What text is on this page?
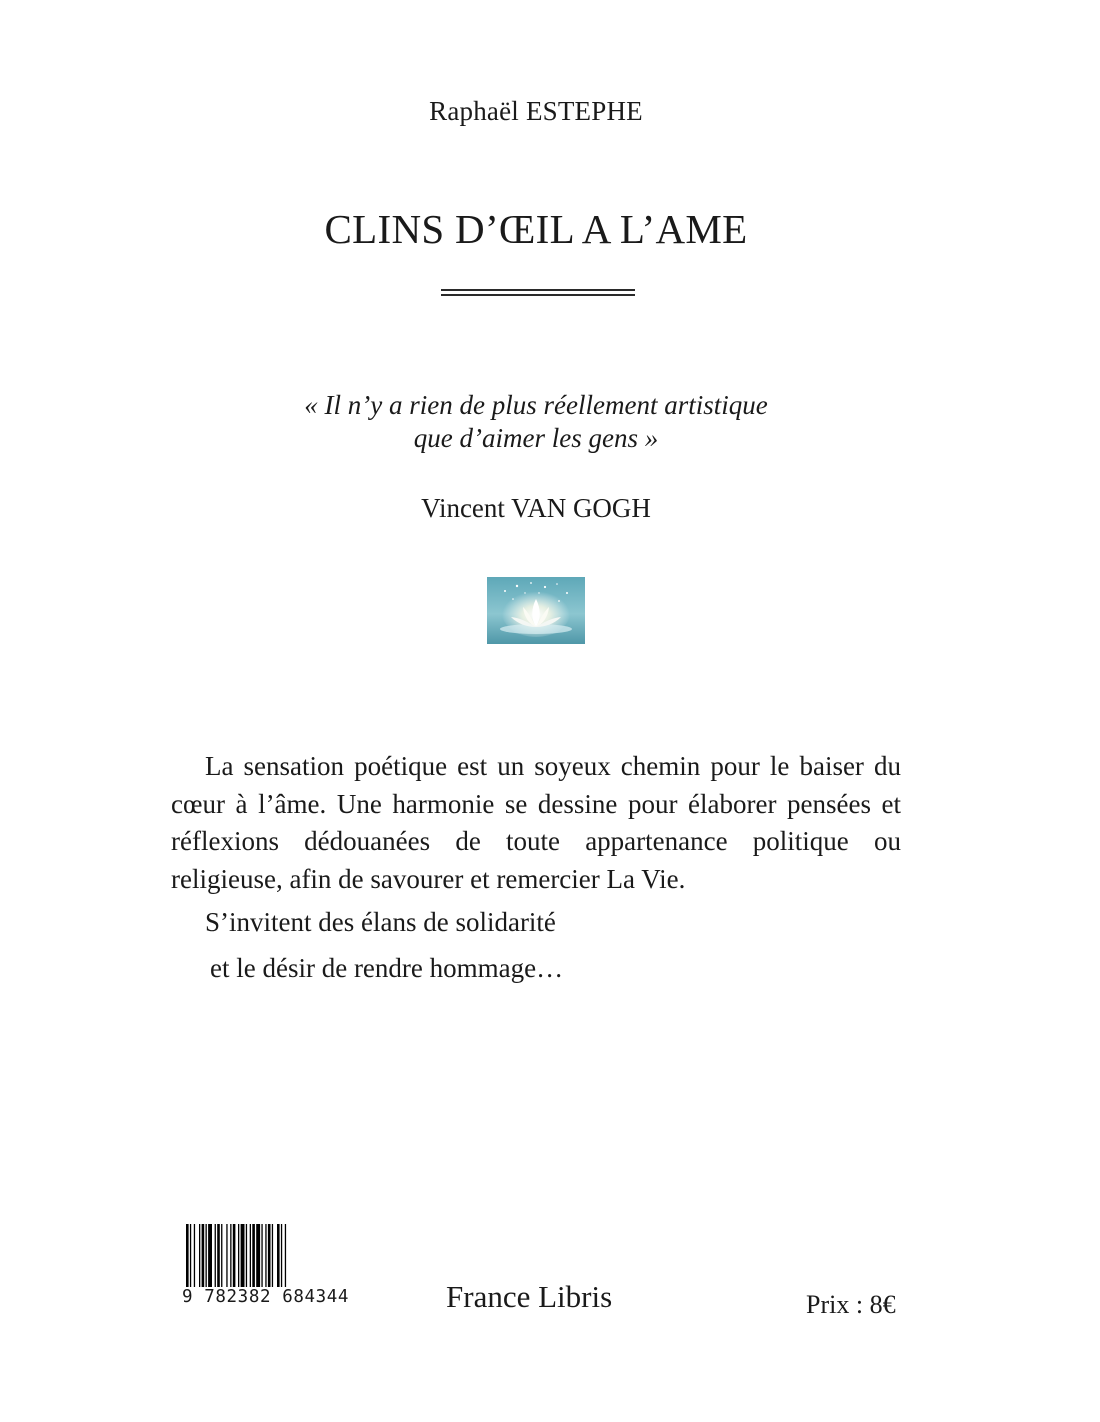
Raphaël ESTEPHE
CLINS D’ŒIL A L’AME
« Il n’y a rien de plus réellement artistique
que d’aimer les gens »
Vincent VAN GOGH

La sensation poétique est un soyeux chemin pour le baiser du cœur à l’âme. Une harmonie se dessine pour élaborer pensées et réflexions dédouanées de toute appartenance politique ou religieuse, afin de savourer et remercier La Vie.

S’invitent des élans de solidarité

et le désir de rendre hommage…

9 782382 684344	France Libris	Prix : 8€
